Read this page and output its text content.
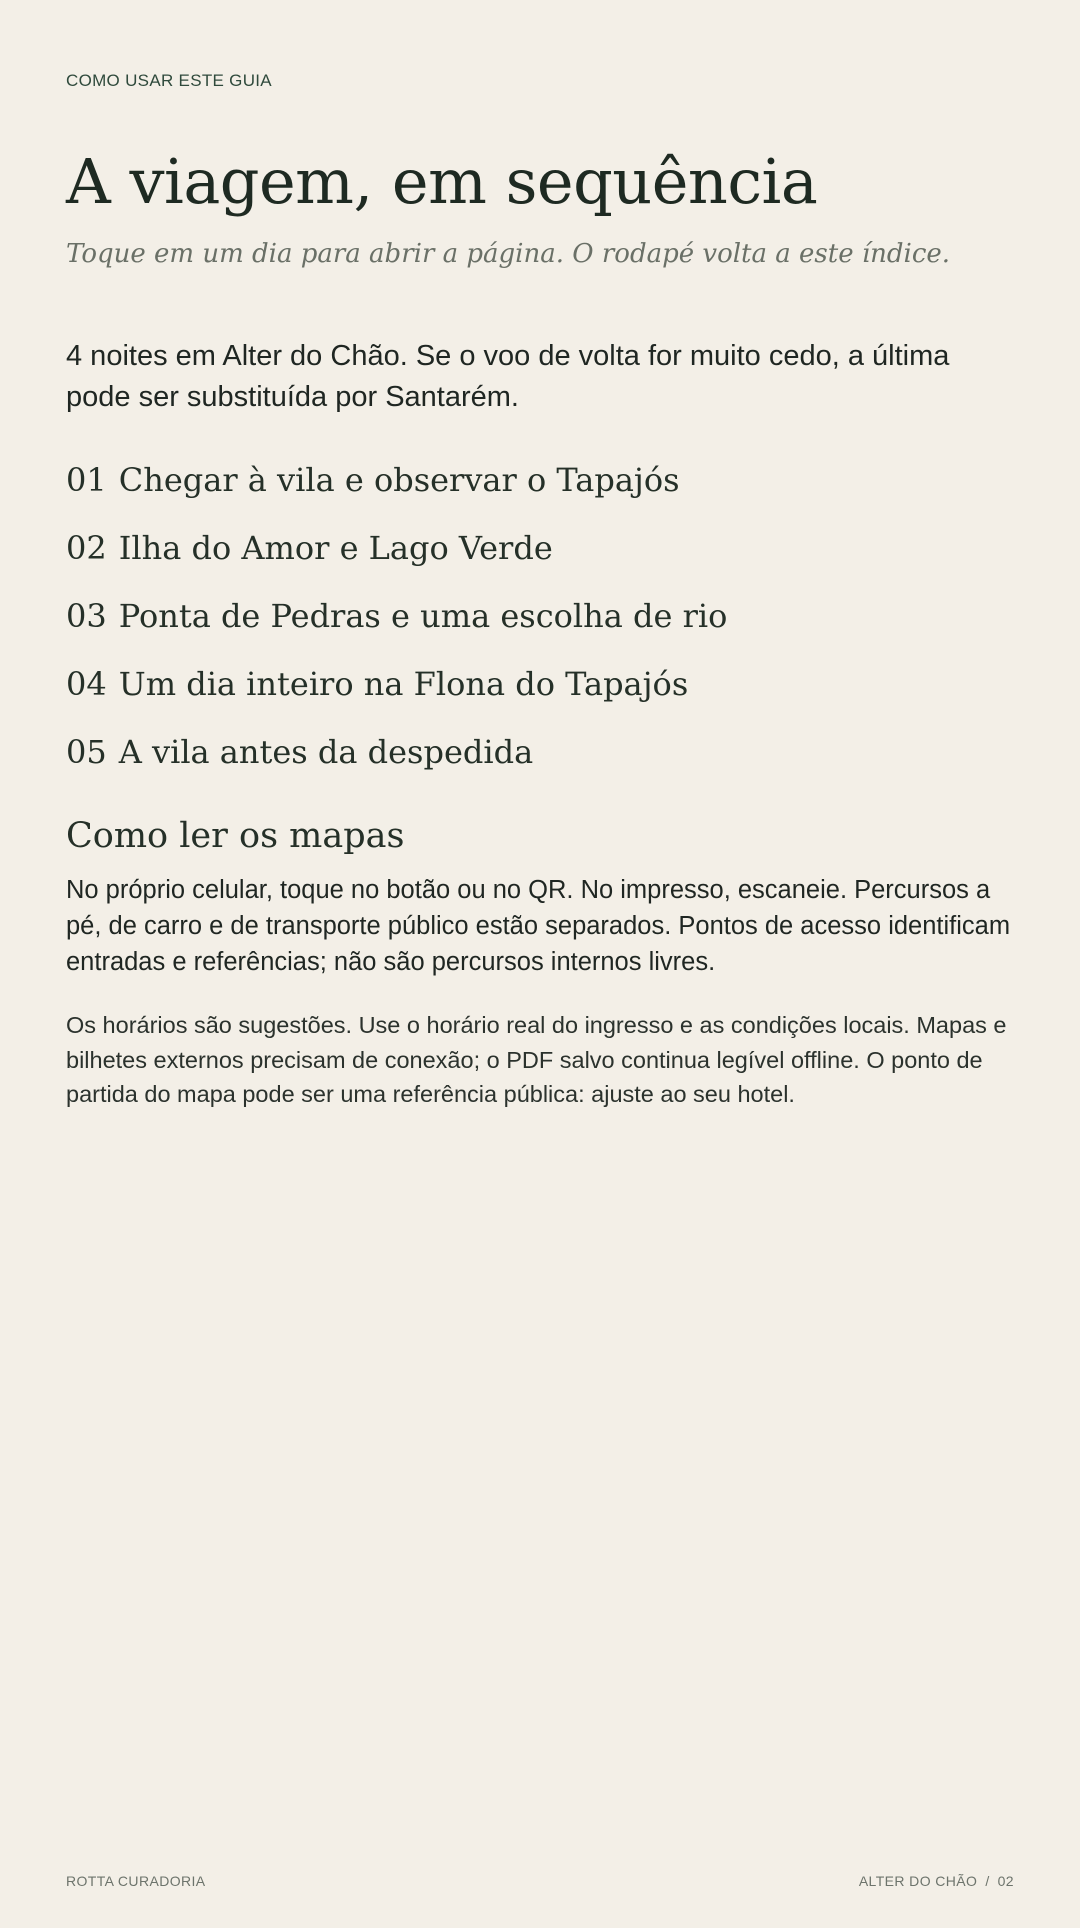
COMO USAR ESTE GUIA
A viagem, em sequência

Toque em um dia para abrir a página. O rodapé volta a este índice.

4 noites em Alter do Chão. Se o voo de volta for muito cedo, a última pode ser substituída por Santarém.

01 Chegar à vila e observar o Tapajós
02 Ilha do Amor e Lago Verde
03 Ponta de Pedras e uma escolha de rio
04 Um dia inteiro na Flona do Tapajós
05 A vila antes da despedida
Como ler os mapas

No próprio celular, toque no botão ou no QR. No impresso, escaneie. Percursos a pé, de carro e de transporte público estão separados. Pontos de acesso identificam entradas e referências; não são percursos internos livres.

Os horários são sugestões. Use o horário real do ingresso e as condições locais. Mapas e bilhetes externos precisam de conexão; o PDF salvo continua legível offline. O ponto de partida do mapa pode ser uma referência pública: ajuste ao seu hotel.

ROTTA CURADORIA	ALTER DO CHÃO / 02
